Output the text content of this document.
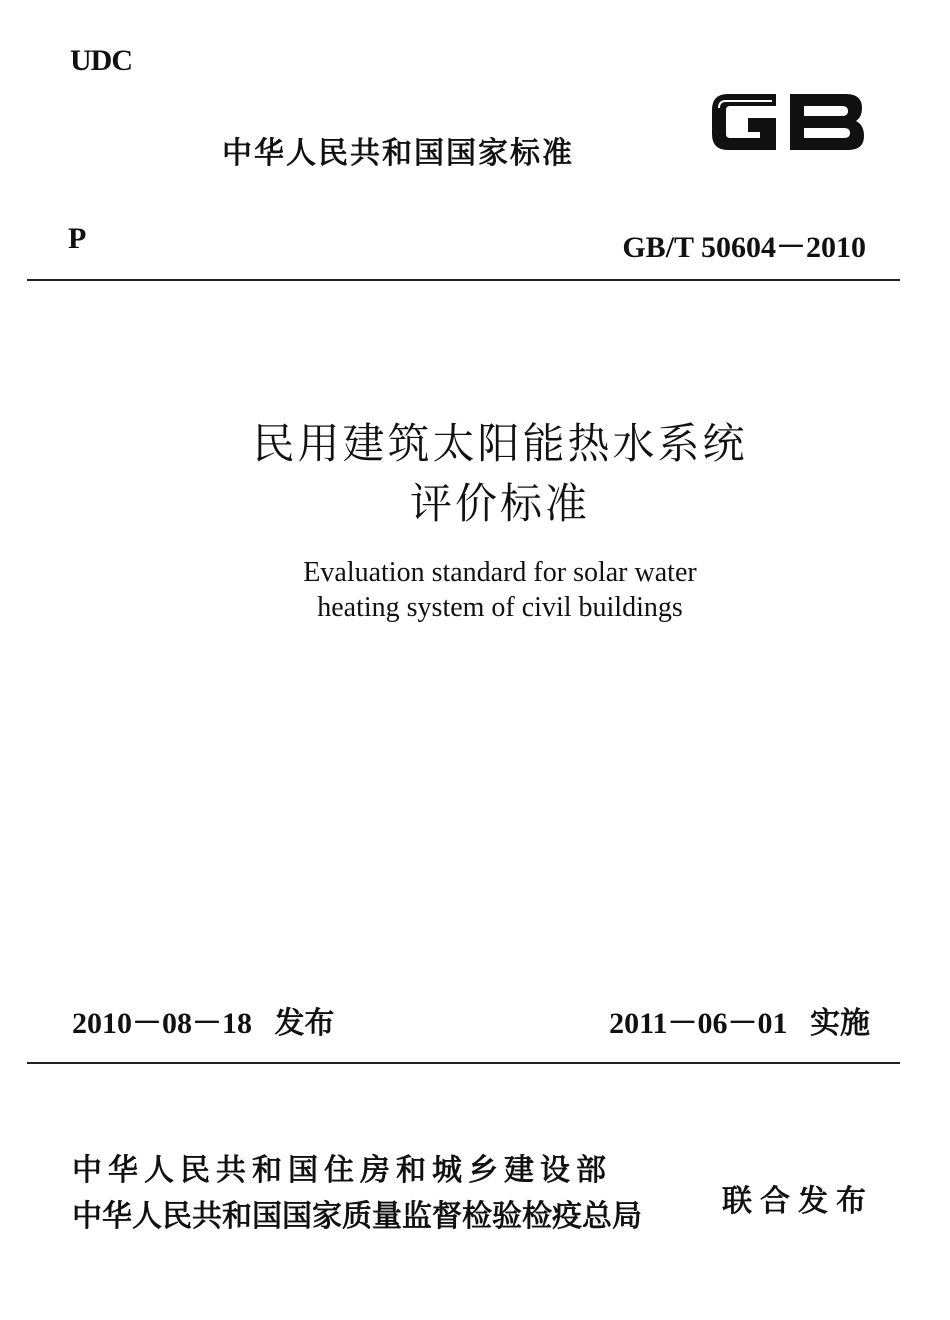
UDC
中华人民共和国国家标准
P	GB/T 50604－2010
民用建筑太阳能热水系统
评价标准
Evaluation standard for solar water
heating system of civil buildings
2010－08－18   发布	2011－06－01   实施
中华人民共和国住房和城乡建设部
中华人民共和国国家质量监督检验检疫总局	联合发布
